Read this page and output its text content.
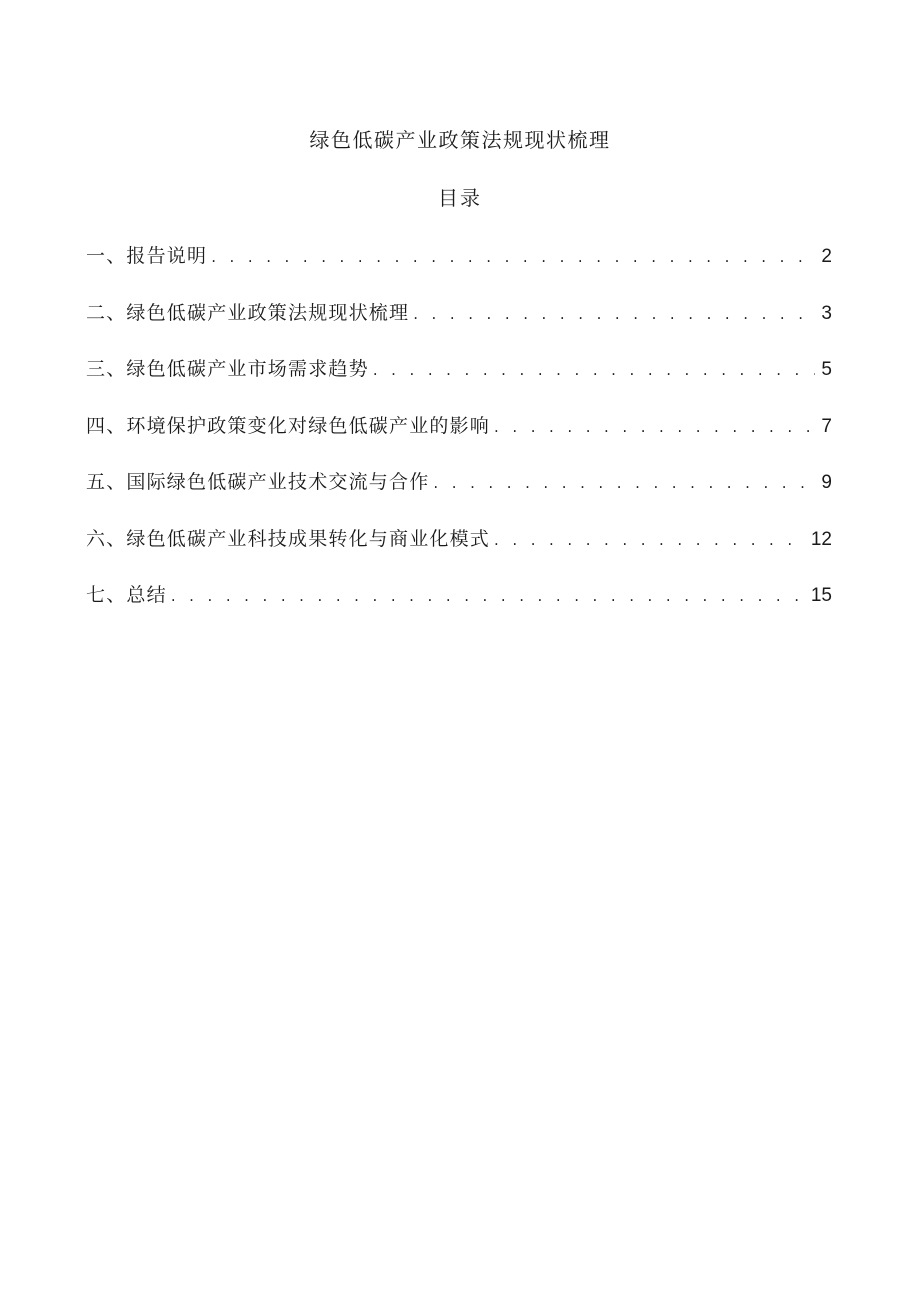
绿色低碳产业政策法规现状梳理
目录
一、报告说明 . . .	2
二、绿色低碳产业政策法规现状梳理 . . .	3
三、绿色低碳产业市场需求趋势 . . .	5
四、环境保护政策变化对绿色低碳产业的影响 . . .	7
五、国际绿色低碳产业技术交流与合作 . . .	9
六、绿色低碳产业科技成果转化与商业化模式 . . .	12
七、总结 . . .	15
